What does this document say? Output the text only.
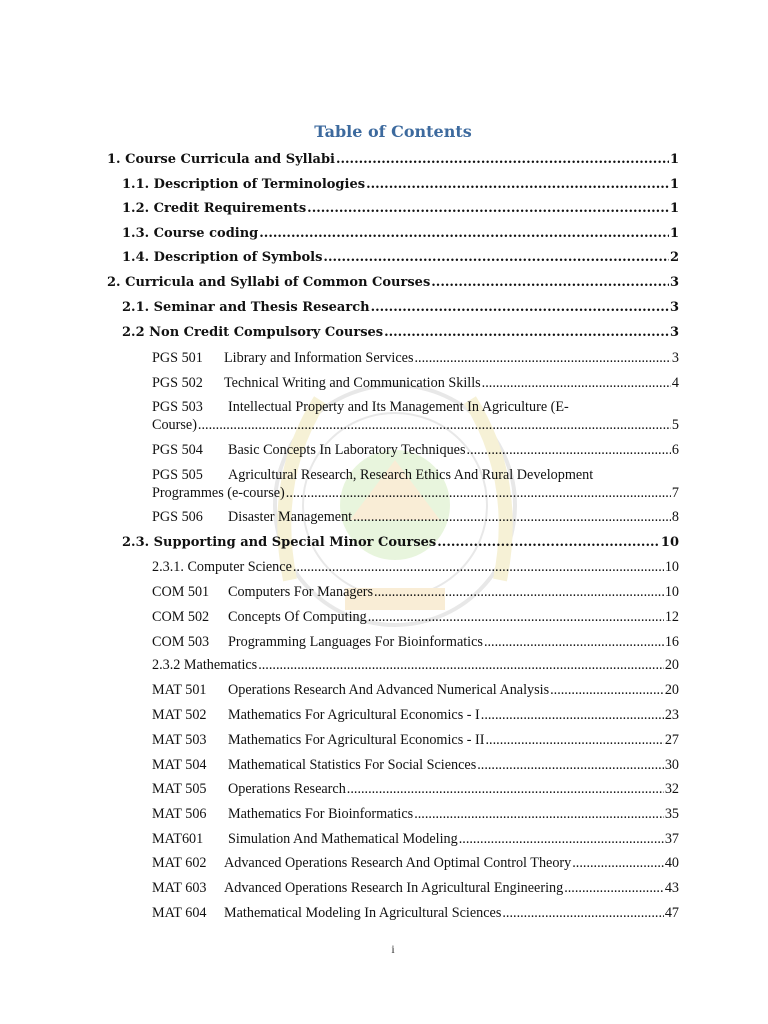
Table of Contents
1. Course Curricula and Syllabi .....	1
1.1. Description of Terminologies .....	1
1.2. Credit Requirements .....	1
1.3. Course coding .....	1
1.4. Description of Symbols .....	2
2. Curricula and Syllabi of Common Courses .....	3
2.1. Seminar and Thesis Research .....	3
2.2 Non Credit Compulsory Courses .....	3
PGS 501 Library and Information Services .....	3
PGS 502 Technical Writing and Communication Skills .....	4
PGS 503 Intellectual Property and Its Management In Agriculture (E-
Course) .....	5
PGS 504 Basic Concepts In Laboratory Techniques .....	6
PGS 505 Agricultural Research, Research Ethics And Rural Development
Programmes (e-course) .....	7
PGS 506 Disaster Management .....	8
2.3. Supporting and Special Minor Courses .....	10
2.3.1. Computer Science .....	10
COM 501 Computers For Managers .....	10
COM 502 Concepts Of Computing .....	12
COM 503 Programming Languages For Bioinformatics .....	16
2.3.2 Mathematics .....	20
MAT 501 Operations Research And Advanced Numerical Analysis .....	20
MAT 502 Mathematics For Agricultural Economics - I .....	23
MAT 503 Mathematics For Agricultural Economics - II .....	27
MAT 504 Mathematical Statistics For Social Sciences .....	30
MAT 505 Operations Research .....	32
MAT 506 Mathematics For Bioinformatics .....	35
MAT601 Simulation And Mathematical Modeling .....	37
MAT 602 Advanced Operations Research And Optimal Control Theory .....	40
MAT 603 Advanced Operations Research In Agricultural Engineering .....	43
MAT 604 Mathematical Modeling In Agricultural Sciences .....	47
i
